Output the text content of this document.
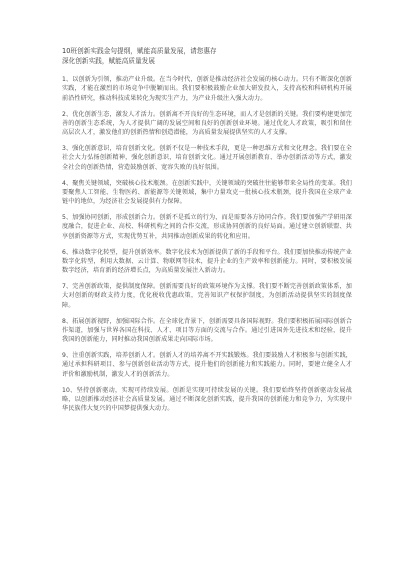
10班创新实践金句提纲，赋能高质量发展，请您惠存
深化创新实践，赋能高质量发展
1、以创新为引领，推动产业升级。在当今时代，创新是推动经济社会发展的核心动力。只有不断深化创新实践，才能在激烈的市场竞争中脱颖而出。我们要积极鼓励企业加大研发投入，支持高校和科研机构开展前沿性研究，推动科技成果转化为现实生产力，为产业升级注入强大动力。
2、优化创新生态，激发人才活力。创新离不开良好的生态环境，而人才是创新的关键。我们要构建更加完善的创新生态系统，为人才提供广阔的发展空间和良好的创新创业环境。通过优化人才政策，吸引和留住高层次人才，激发他们的创新热情和创造潜能，为高质量发展提供坚实的人才支撑。
3、强化创新意识，培育创新文化。创新不仅是一种技术手段，更是一种思维方式和文化理念。我们要在全社会大力弘扬创新精神，强化创新意识，培育创新文化。通过开展创新教育、举办创新活动等方式，激发全社会的创新热情，营造鼓励创新、宽容失败的良好氛围。
4、聚焦关键领域，突破核心技术瓶颈。在创新实践中，关键领域的突破往往能够带来全局性的变革。我们要聚焦人工智能、生物医药、新能源等关键领域，集中力量攻克一批核心技术瓶颈，提升我国在全球产业链中的地位，为经济社会发展提供有力保障。
5、加强协同创新，形成创新合力。创新不是孤立的行为，而是需要各方协同合作。我们要加强产学研用深度融合，促进企业、高校、科研机构之间的合作交流，形成协同创新的良好局面。通过建立创新联盟、共享创新资源等方式，实现优势互补，共同推动创新成果的转化和应用。
6、推动数字化转型，提升创新效率。数字化技术为创新提供了新的手段和平台。我们要加快推动传统产业数字化转型，利用大数据、云计算、物联网等技术，提升企业的生产效率和创新能力。同时，要积极发展数字经济，培育新的经济增长点，为高质量发展注入新动力。
7、完善创新政策，提供制度保障。创新需要良好的政策环境作为支撑。我们要不断完善创新政策体系，加大对创新的财政支持力度，优化税收优惠政策，完善知识产权保护制度，为创新活动提供坚实的制度保障。
8、拓展创新视野，加强国际合作。在全球化背景下，创新需要具备国际视野。我们要积极拓展国际创新合作渠道，加强与世界各国在科技、人才、项目等方面的交流与合作。通过引进国外先进技术和经验，提升我国的创新能力，同时推动我国创新成果走向国际市场。
9、注重创新实践，培养创新人才。创新人才的培养离不开实践锻炼。我们要鼓励人才积极参与创新实践，通过承担科研项目、参与创新创业活动等方式，提升他们的创新能力和实践能力。同时，要建立健全人才评价和激励机制，激发人才的创新活力。
10、坚持创新驱动，实现可持续发展。创新是实现可持续发展的关键。我们要始终坚持创新驱动发展战略，以创新推动经济社会高质量发展。通过不断深化创新实践，提升我国的创新能力和竞争力，为实现中华民族伟大复兴的中国梦提供强大动力。
